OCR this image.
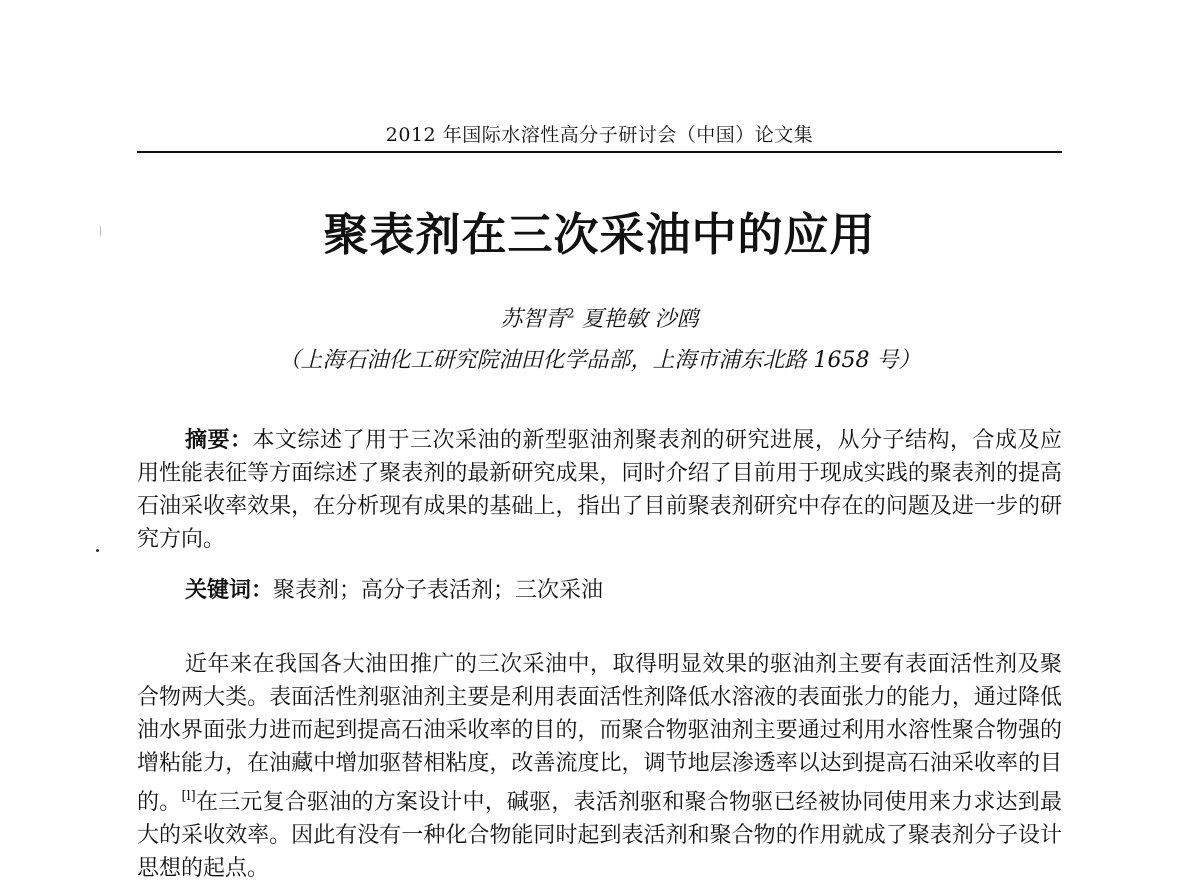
2012 年国际水溶性高分子研讨会（中国）论文集
聚表剂在三次采油中的应用
苏智青$^2$ 夏艳敏 沙鸥
（上海石油化工研究院油田化学品部，上海市浦东北路 1658 号）
摘要：本文综述了用于三次采油的新型驱油剂聚表剂的研究进展，从分子结构，合成及应用性能表征等方面综述了聚表剂的最新研究成果，同时介绍了目前用于现成实践的聚表剂的提高石油采收率效果，在分析现有成果的基础上，指出了目前聚表剂研究中存在的问题及进一步的研究方向。
关键词：聚表剂；高分子表活剂；三次采油
近年来在我国各大油田推广的三次采油中，取得明显效果的驱油剂主要有表面活性剂及聚合物两大类。表面活性剂驱油剂主要是利用表面活性剂降低水溶液的表面张力的能力，通过降低油水界面张力进而起到提高石油采收率的目的，而聚合物驱油剂主要通过利用水溶性聚合物强的增粘能力，在油藏中增加驱替相粘度，改善流度比，调节地层渗透率以达到提高石油采收率的目的。[l]在三元复合驱油的方案设计中，碱驱，表活剂驱和聚合物驱已经被协同使用来力求达到最大的采收效率。因此有没有一种化合物能同时起到表活剂和聚合物的作用就成了聚表剂分子设计思想的起点。
